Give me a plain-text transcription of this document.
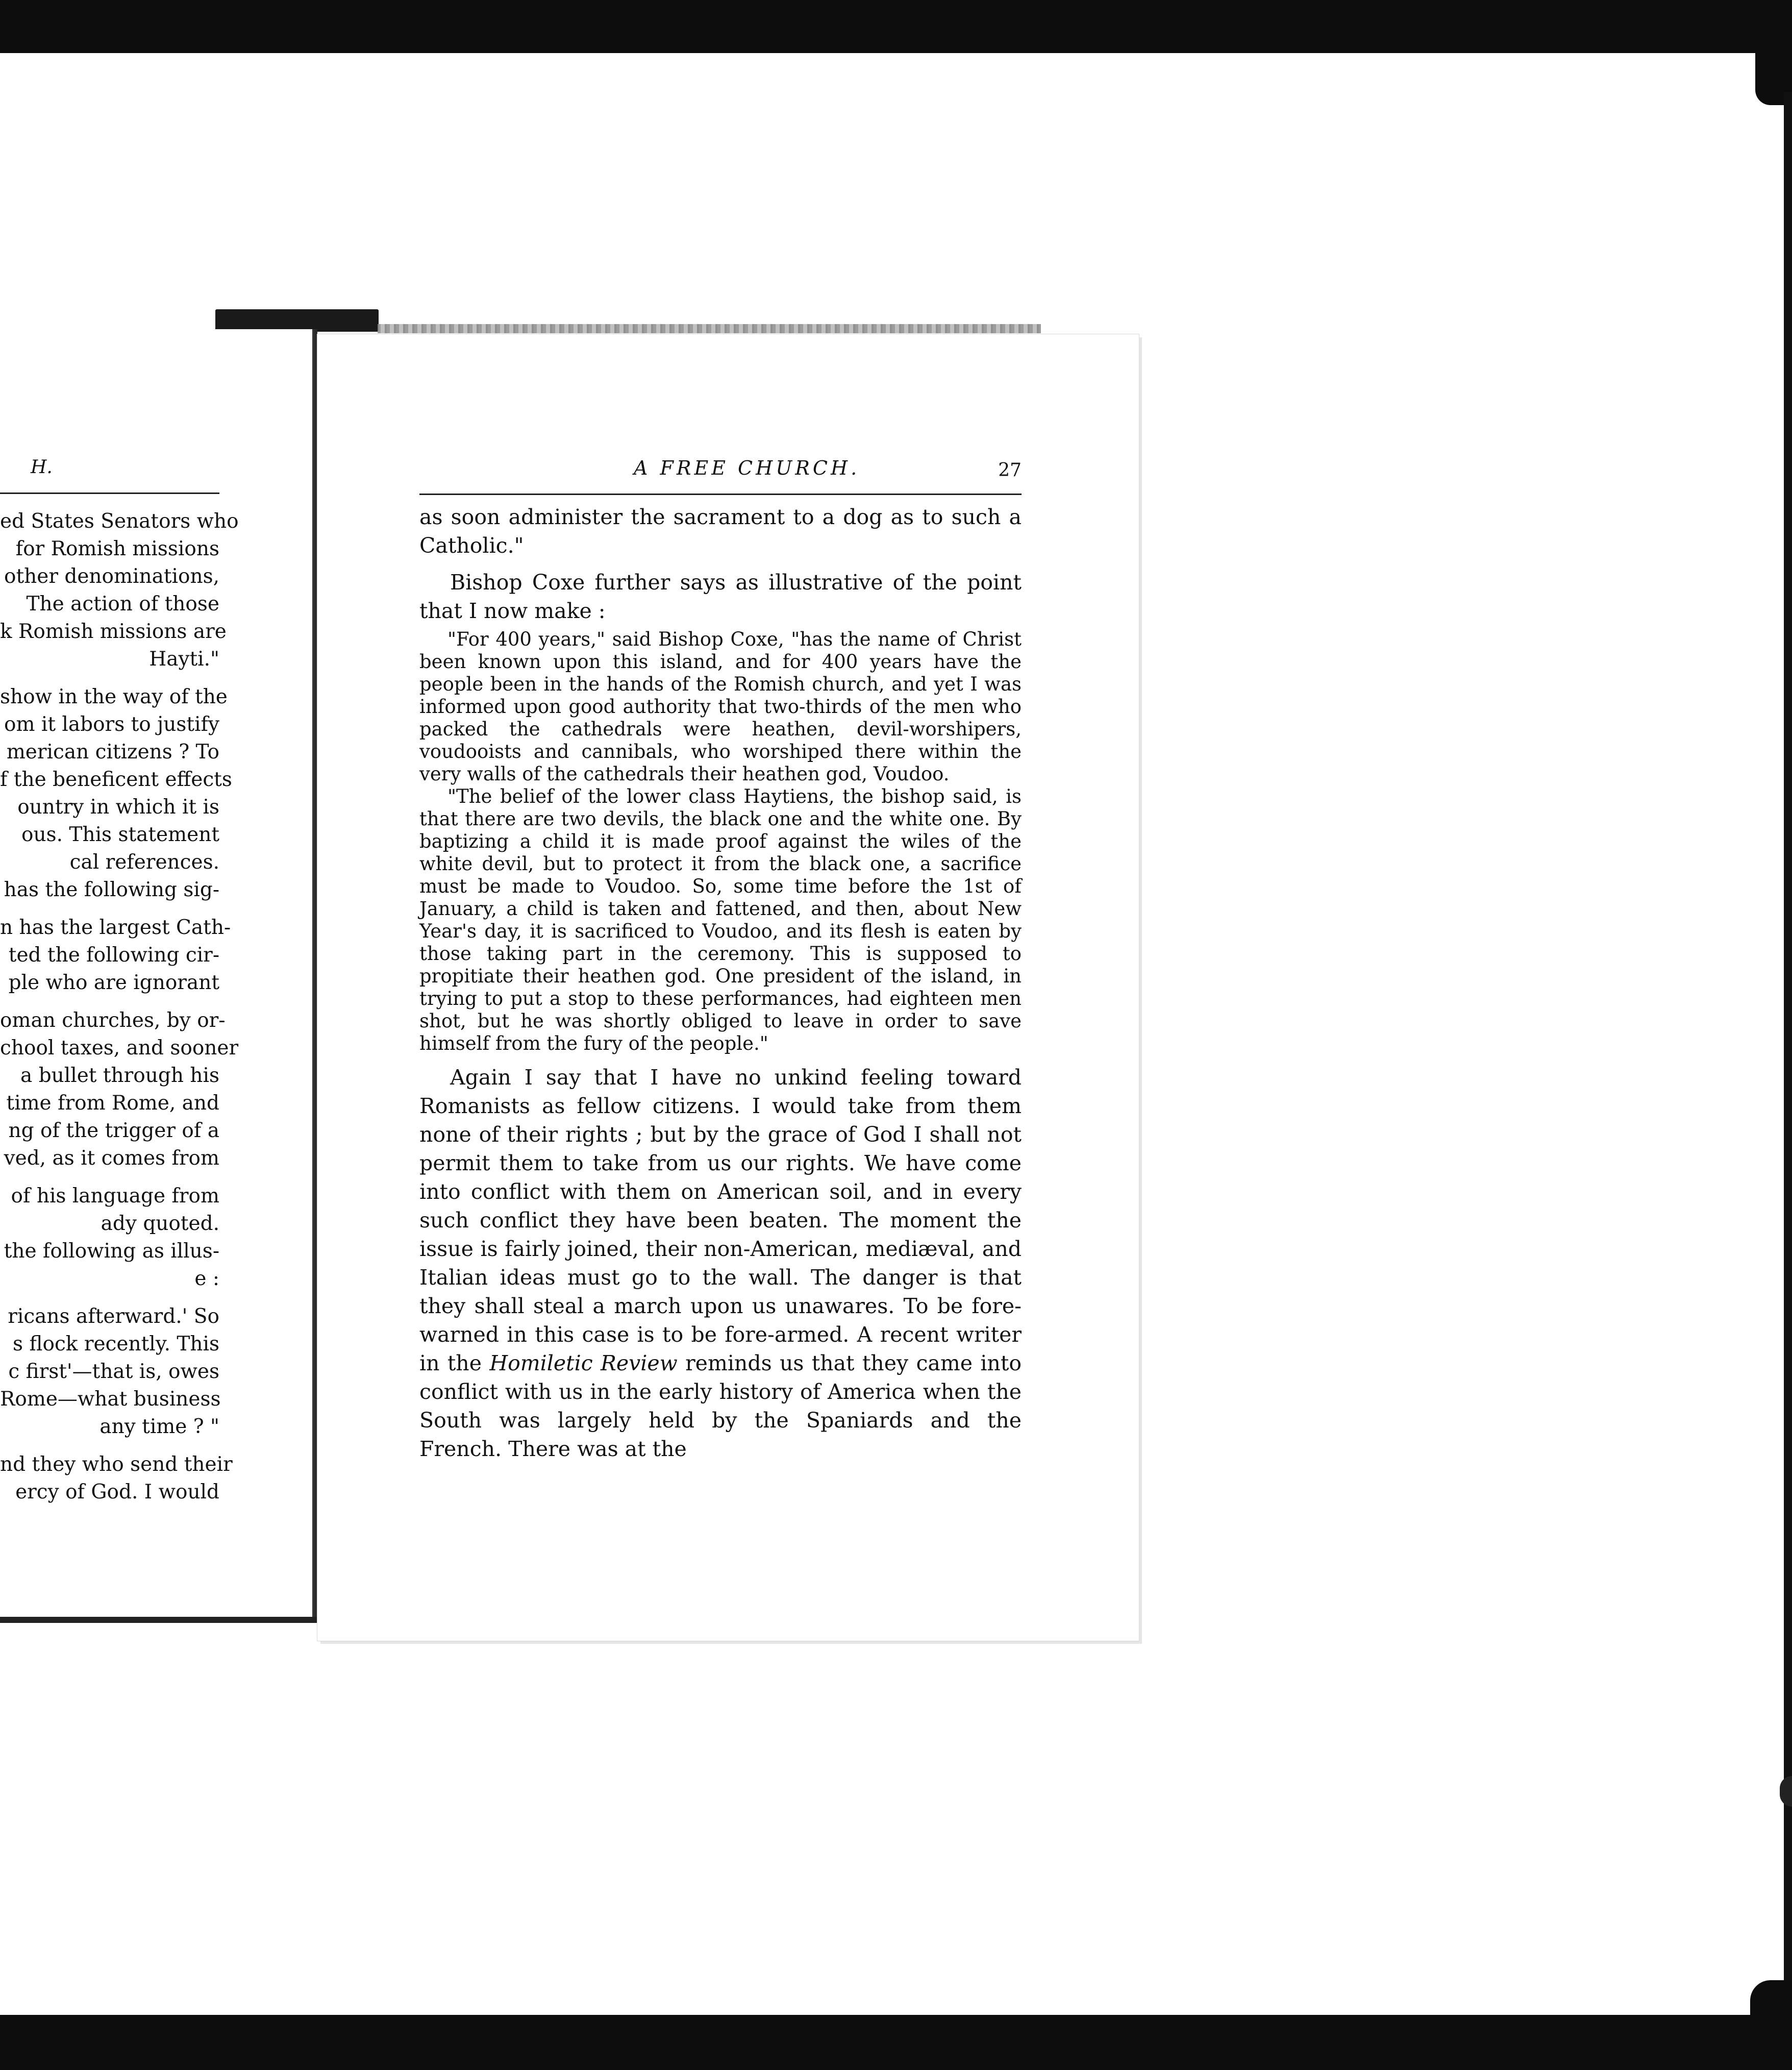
H.
ed States Senators who
for Romish missions
other denominations,
The action of those
k Romish missions are
Hayti."
show in the way of the
om it labors to justify
merican citizens ? To
f the beneficent effects
ountry in which it is
ous. This statement
cal references.
has the following sig-
n has the largest Cath-
ted the following cir-
ple who are ignorant
oman churches, by or-
chool taxes, and sooner
a bullet through his
time from Rome, and
ng of the trigger of a
ved, as it comes from
of his language from
ady quoted.
the following as illus-
e :
ricans afterward.' So
s flock recently. This
c first'—that is, owes
Rome—what business
any time ? "
nd they who send their
ercy of God. I would
A FREE CHURCH.	27

as soon administer the sacrament to a dog as to such a Catholic."

Bishop Coxe further says as illustrative of the point that I now make :

"For 400 years," said Bishop Coxe, "has the name of Christ been known upon this island, and for 400 years have the people been in the hands of the Romish church, and yet I was informed upon good authority that two-thirds of the men who packed the cathedrals were heathen, devil-worshipers, voudooists and cannibals, who worshiped there within the very walls of the cathedrals their heathen god, Voudoo.

"The belief of the lower class Haytiens, the bishop said, is that there are two devils, the black one and the white one. By baptizing a child it is made proof against the wiles of the white devil, but to protect it from the black one, a sacrifice must be made to Voudoo. So, some time before the 1st of January, a child is taken and fattened, and then, about New Year's day, it is sacrificed to Voudoo, and its flesh is eaten by those taking part in the ceremony. This is supposed to propitiate their heathen god. One president of the island, in trying to put a stop to these performances, had eighteen men shot, but he was shortly obliged to leave in order to save himself from the fury of the people."

Again I say that I have no unkind feeling toward Romanists as fellow citizens. I would take from them none of their rights ; but by the grace of God I shall not permit them to take from us our rights. We have come into conflict with them on American soil, and in every such conflict they have been beaten. The moment the issue is fairly joined, their non-American, mediæval, and Italian ideas must go to the wall. The danger is that they shall steal a march upon us unawares. To be fore-warned in this case is to be fore-armed. A recent writer in the Homiletic Review reminds us that they came into conflict with us in the early history of America when the South was largely held by the Spaniards and the French. There was at the
